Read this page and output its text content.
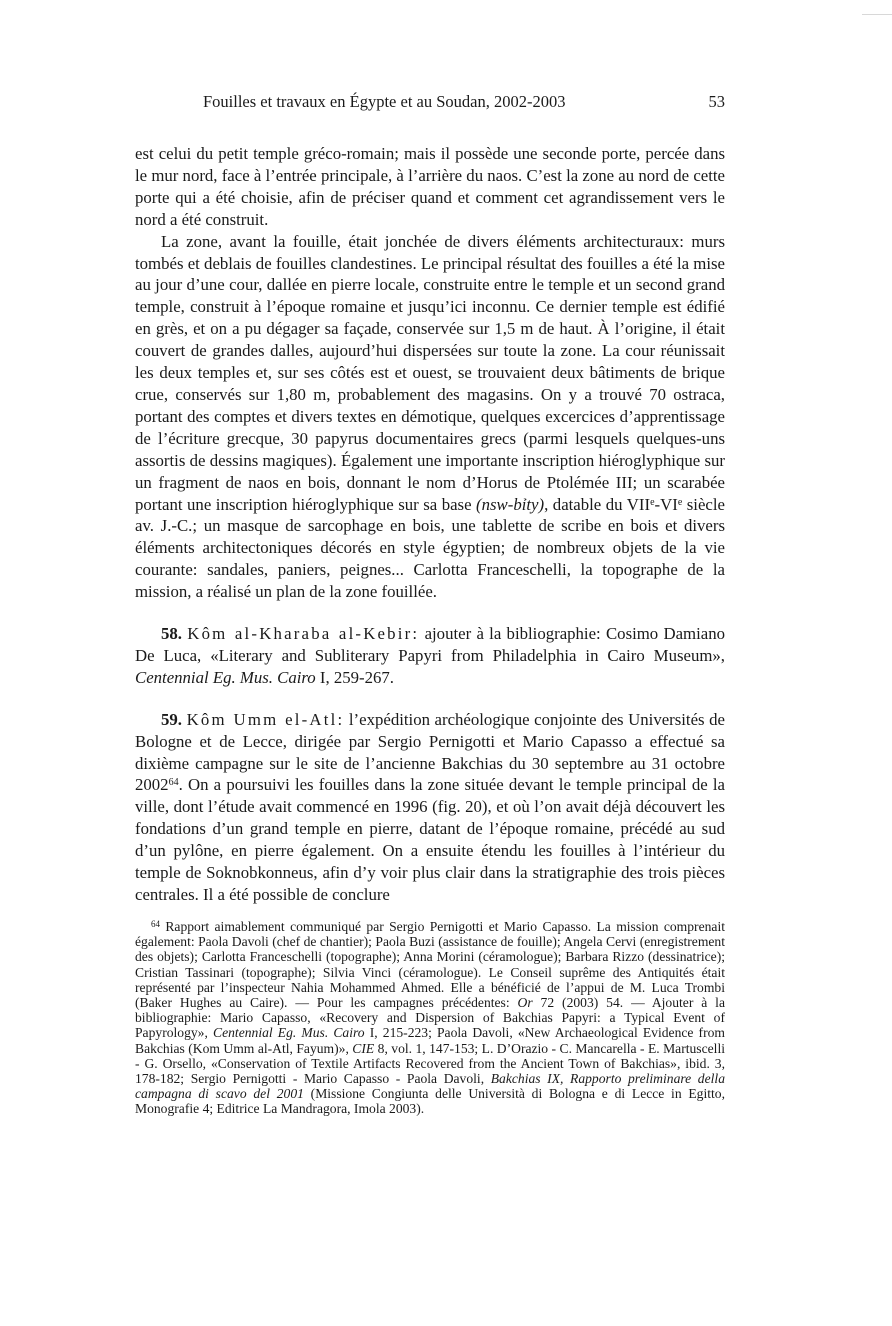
Fouilles et travaux en Égypte et au Soudan, 2002-2003	53

est celui du petit temple gréco-romain; mais il possède une seconde porte, percée dans le mur nord, face à l’entrée principale, à l’arrière du naos. C’est la zone au nord de cette porte qui a été choisie, afin de préciser quand et comment cet agrandissement vers le nord a été construit.

La zone, avant la fouille, était jonchée de divers éléments architecturaux: murs tombés et deblais de fouilles clandestines. Le principal résultat des fouilles a été la mise au jour d’une cour, dallée en pierre locale, construite entre le temple et un second grand temple, construit à l’époque romaine et jusqu’ici inconnu. Ce dernier temple est édifié en grès, et on a pu dégager sa façade, conservée sur 1,5 m de haut. À l’origine, il était couvert de grandes dalles, aujourd’hui dispersées sur toute la zone. La cour réunissait les deux temples et, sur ses côtés est et ouest, se trouvaient deux bâtiments de brique crue, conservés sur 1,80 m, probablement des magasins. On y a trouvé 70 ostraca, portant des comptes et divers textes en démotique, quelques excercices d’apprentissage de l’écriture grecque, 30 papyrus documentaires grecs (parmi lesquels quelques-uns assortis de dessins magiques). Également une importante inscription hiéroglyphique sur un fragment de naos en bois, donnant le nom d’Horus de Ptolémée III; un scarabée portant une inscription hiéroglyphique sur sa base (nsw-bỉty), datable du VIIe-VIe siècle av. J.-C.; un masque de sarcophage en bois, une tablette de scribe en bois et divers éléments architectoniques décorés en style égyptien; de nombreux objets de la vie courante: sandales, paniers, peignes... Carlotta Franceschelli, la topographe de la mission, a réalisé un plan de la zone fouillée.

58. Kôm al-Kharaba al-Kebir: ajouter à la bibliographie: Cosimo Damiano De Luca, «Literary and Subliterary Papyri from Philadelphia in Cairo Museum», Centennial Eg. Mus. Cairo I, 259-267.

59. Kôm Umm el-Atl: l’expédition archéologique conjointe des Universités de Bologne et de Lecce, dirigée par Sergio Pernigotti et Mario Capasso a effectué sa dixième campagne sur le site de l’ancienne Bakchias du 30 septembre au 31 octobre 2002$^{64}$. On a poursuivi les fouilles dans la zone située devant le temple principal de la ville, dont l’étude avait commencé en 1996 (fig. 20), et où l’on avait déjà découvert les fondations d’un grand temple en pierre, datant de l’époque romaine, précédé au sud d’un pylône, en pierre également. On a ensuite étendu les fouilles à l’intérieur du temple de Soknobkonneus, afin d’y voir plus clair dans la stratigraphie des trois pièces centrales. Il a été possible de conclure

$^{64}$ Rapport aimablement communiqué par Sergio Pernigotti et Mario Capasso. La mission comprenait également: Paola Davoli (chef de chantier); Paola Buzi (assistance de fouille); Angela Cervi (enregistrement des objets); Carlotta Franceschelli (topographe); Anna Morini (céramologue); Barbara Rizzo (dessinatrice); Cristian Tassinari (topographe); Silvia Vinci (céramologue). Le Conseil suprême des Antiquités était représenté par l’inspecteur Nahia Mohammed Ahmed. Elle a bénéficié de l’appui de M. Luca Trombi (Baker Hughes au Caire). — Pour les campagnes précédentes: Or 72 (2003) 54. — Ajouter à la bibliographie: Mario Capasso, «Recovery and Dispersion of Bakchias Papyri: a Typical Event of Papyrology», Centennial Eg. Mus. Cairo I, 215-223; Paola Davoli, «New Archaeological Evidence from Bakchias (Kom Umm al-Atl, Fayum)», CIE 8, vol. 1, 147-153; L. D’Orazio - C. Mancarella - E. Martuscelli - G. Orsello, «Conservation of Textile Artifacts Recovered from the Ancient Town of Bakchias», ibid. 3, 178-182; Sergio Pernigotti - Mario Capasso - Paola Davoli, Bakchias IX, Rapporto preliminare della campagna di scavo del 2001 (Missione Congiunta delle Università di Bologna e di Lecce in Egitto, Monografie 4; Editrice La Mandragora, Imola 2003).
